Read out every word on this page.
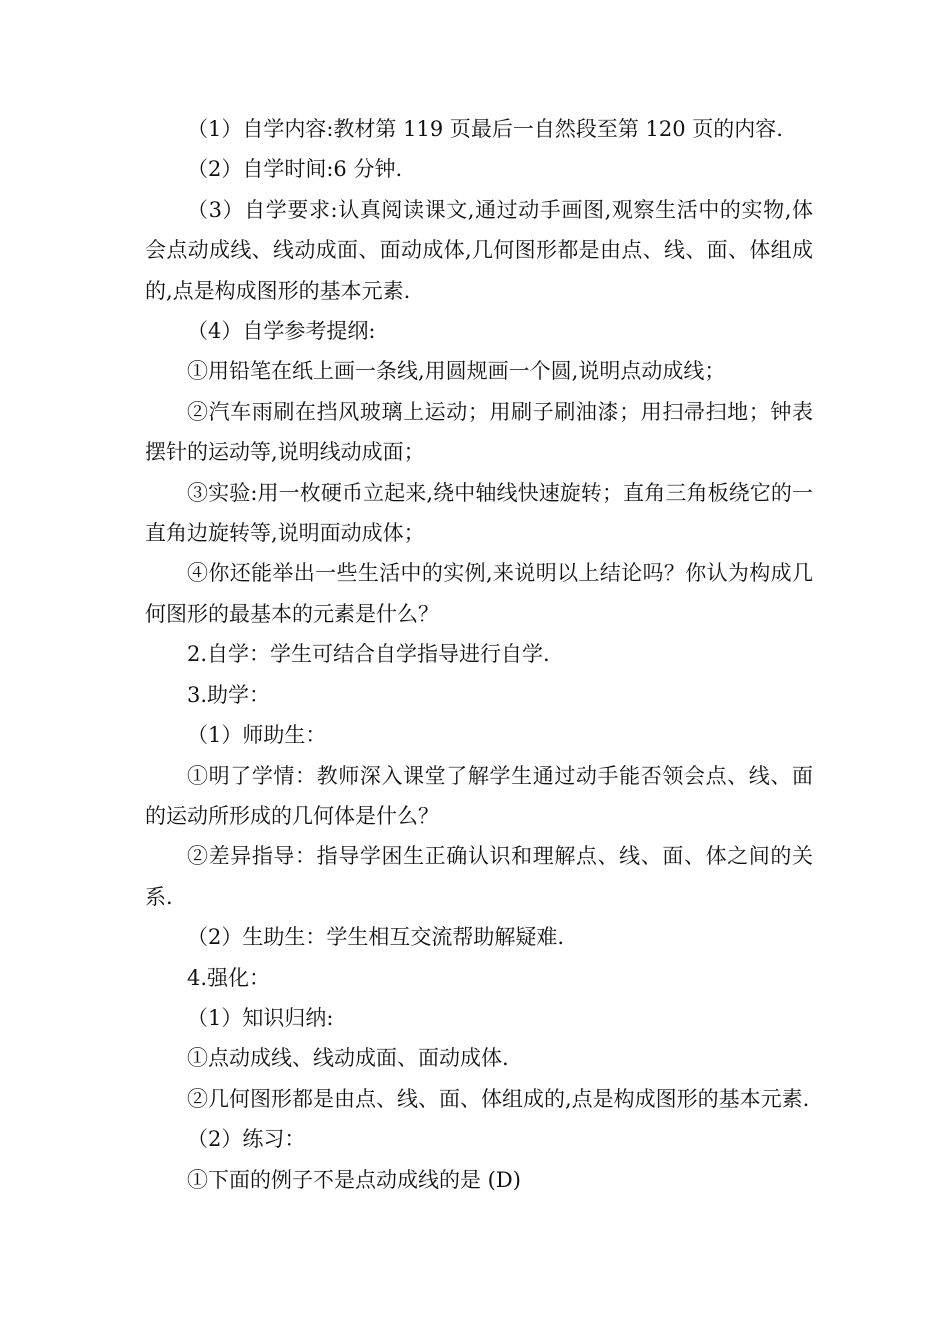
（1）自学内容:教材第 119 页最后一自然段至第 120 页的内容.

（2）自学时间:6 分钟.

（3）自学要求:认真阅读课文,通过动手画图,观察生活中的实物,体会点动成线、线动成面、面动成体,几何图形都是由点、线、面、体组成的,点是构成图形的基本元素.

（4）自学参考提纲:

①用铅笔在纸上画一条线,用圆规画一个圆,说明点动成线；

②汽车雨刷在挡风玻璃上运动；用刷子刷油漆；用扫帚扫地；钟表摆针的运动等,说明线动成面；

③实验:用一枚硬币立起来,绕中轴线快速旋转；直角三角板绕它的一直角边旋转等,说明面动成体；

④你还能举出一些生活中的实例,来说明以上结论吗？你认为构成几何图形的最基本的元素是什么？

2.自学：学生可结合自学指导进行自学.

3.助学：

（1）师助生：

①明了学情：教师深入课堂了解学生通过动手能否领会点、线、面的运动所形成的几何体是什么？

②差异指导：指导学困生正确认识和理解点、线、面、体之间的关系.

（2）生助生：学生相互交流帮助解疑难.

4.强化：

（1）知识归纳:

①点动成线、线动成面、面动成体.

②几何图形都是由点、线、面、体组成的,点是构成图形的基本元素.

（2）练习：

①下面的例子不是点动成线的是 (D)
